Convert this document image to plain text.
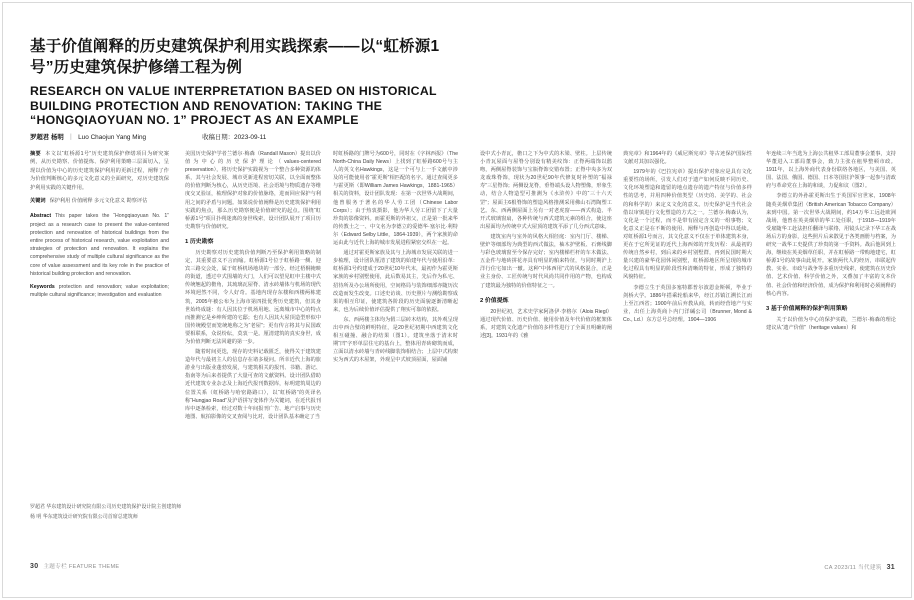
基于价值阐释的历史建筑保护利用实践探索——以“虹桥源1号”历史建筑保护修缮工程为例
RESEARCH ON VALUE INTERPRETATION BASED ON HISTORICAL BUILDING PROTECTION AND RENOVATION: TAKING THE “HONGQIAOYUAN NO. 1” PROJECT AS AN EXAMPLE
罗超君 杨明 ｜ Luo Chaojun Yang Ming	收稿日期：2023-09-11

摘要 本文以“虹桥源1号”历史建筑保护修缮项目为研究案例，从历史勘察、价值提炼、保护利用策略三层面切入，呈现以价值为中心的历史建筑保护利用的更新过程，阐释了作为价值判断核心的多元文化意义的全面研究，对历史建筑保护利用实践的关键作用。

关键词 保护利用 价值阐释 多元文化意义 勘察评估

Abstract This paper takes the “Hongqiaoyuan No. 1” project as a research case to present the value-centered protection and renovation of historical buildings from the entire process of historical research, value exploitation and strategies of protection and renovation. It explains the comprehensive study of multiple cultural significance as the core of value assessment and its key role in the practice of historical building protection and renovation.

Keywords protection and renovation; value exploitation; multiple cultural significance; investigation and evaluation

美国历史保护学者兰德尔·梅森（Randall Mason）提出以价值为中心的历史保护理论（values-centered preservation），将历史保护实践视为一个整合多种资源的体系，其与社会发展、城市更新进程密切关联，以全面而整体的价值判断为核心，从历史语境、社会语境与物质遗存等维度交叉验证，梳理保护对象的价值脉络，进而回应保护与利用之间的矛盾与问题。如果说价值阐释是历史建筑保护利用实践的焦点，那么历史勘察便是价值研究的起点。围绕“虹桥源1号”项目扑朔迷离的身世线索，设计团队展开了项目历史勘察与价值研究。

1 历史勘察

历史勘察对历史建筑价值判断乃至保护利用策略的制定，其重要意义不言而喻。虹桥源1号位于虹桥路一侧、迎宾三路交会处，属于虹桥机场地块的一部分。经过梧桐掩映的街道，透过中式围墙的大门，人们可以望见虹申主楼中式传统翘起的檐角，其琉璃瓦屋脊、清水砖墙体与机场的现代环境迥然不同，令人好奇。基地内现存东楼和西楼两栋建筑，2005年被公布为上海市第四批优秀历史建筑，但其身世始终成谜：有人因其位于机场用地、远离城市中心的特点而推测它是乡绅所建的宅邸；也有人因其大屋顶造型形似中国传统殿堂而笼统地称之为“老屋”；更有传言将其与民国政要相联系，众说纷纭，莫衷一是。厘清建筑的真实身世，成为价值判断无法回避的第一步。

随着时间更迭，现存的史料记载匮乏，使得关于建筑建造年代与最初主人的信息存在诸多疑问。所幸近代上海的旅游业与出版业蓬勃发展，与建筑相关的报刊、书籍、游记、指南等为后来者提供了大量可查的文献资料。设计团队借助近代建筑专业杂志及上海近代报刊数据库，标明建筑周边的位置关系（虹桥路与哈密路路口），以“虹桥路”的英译名称“Hungjao Road”及沪语拼写变体作为关键词，在近代报刊库中逐条检索，经过对数十年间报刊广告、地产启事与历史地图、航拍影像的交叉查阅与比对，设计团队基本确定了当

时虹桥路的门牌号为600号，同时在《字林西报》（The North-China Daily News）上找到了虹桥路600号与主人的英文名Hawkings，这是一个可与上一手文献中涉及的可能使用者“霍更斯”相匹配的名字。通过查阅更多与霍更斯（即William James Hawkings，1881-1965）相关的资料，设计团队发现：在第一次世界大战期间，他曾服务于著名的华人劳工团（Chinese Labor Corps）；由于热衷摄影，他为华人劳工团留下了大量珍贵的影像资料。而霍更斯的外祖父，正是第一批来华的传教士之一、中文名为李德立的爱德华·塞尔比·利特尔（Edward Selby Little，1864-1939），两个家族的命运由此与近代上海的城市发展进程紧密交织在一起。

通过对霍更斯家族及其与上海城市发展关联的进一步梳理，设计团队厘清了建筑的始建年代与使用沿革：虹桥源1号约建成于20世纪10年代末，最初作为霍更斯家族的乡村别墅使用，此后数易其主，先后作为私宅、招待所及办公场所使用，空间格局与装饰细部亦随历次改造而发生改变。口述史访谈、历史照片与测绘勘察成果的相互印证，使建筑各阶段的历史面貌逐渐清晰起来，也为后续价值评估提供了翔实可靠的依据。

东、西两楼主体均为假三层砖木结构，其外观呈现出中西合璧的鲜明特征，是20世纪初期中西建筑文化相互碰撞、融合的结果（图1）。建筑坐落于清末时期“凹”字形单层住宅的基台上，整体用青砖砌筑而成，立面以清水砖墙与青砖线脚装饰相结合；上层中式构架实为西式的木屋架，外观呈中式坡顶屋面，屋面铺

设中式小青瓦，檐口之下为中式的木梁、壁柱。上层传统小青瓦屋面与屋脊分别设有精美纹饰：正脊两端饰以鸱吻，两侧屋脊装饰与宝瓶脊饰交错布置；正脊中央多为双龙戏珠脊饰，现状为20世纪90年代修复时补塑的“福禄寿”三星脊饰；两侧设龙脊，垂脊端头设人物塑像，形象生动，结合人物造型可推测为《水浒传》中的“三十六天罡”；屋面主6根脊饰的塑造风格推测采用佛山石湾陶塑工艺。东、西两侧屋面上另有一对老虎窗——西式构造、半开式玻璃窗扇，各种传统与西式建筑元素的组合，使这座出屋面均为传统中式大屋顶的建筑平添了几分西式意味。

建筑室内与室外的风格大相径庭：室内门厅、楼梯、壁炉等细部均为典型的西式做法，柚木护壁板、石膏线脚与彩色玻璃窗至今保存完好；室内楼梯栏杆的车木做法、五金件与地砖拼花亦具有明显的舶来特征，与同时期沪上洋行住宅如出一辙。这种“中体西用”式的风格混合，正是业主身份、工匠传统与时代风尚共同作用的产物，也构成了建筑最为独特的价值特征之一。

2 价值提炼

20世纪初，艺术史学家阿洛伊·李格尔（Alois Riegl）通过现代价值、历史价值、使用价值及年代价值的框架体系，对建筑文化遗产价值的多样性进行了全面且明确的阐述[3]。1931年的《雅

典宪章》和1964年的《威尼斯宪章》等古迹保护国际性文献对其加以强化。

1979年的《巴拉宪章》提出保护对象应是具有文化重要性的场所，引发人们对于遗产如何反映不同历史、文化环境塑造和遗留的地点遗存的遗产特征与价值多样性的思考，并用四种价值类型（历史的、美学的、社会的和科学的）来定义文化的意义。历史保护是当代社会借以审慎进行文化塑造的方式之一。兰德尔·梅森认为，文化是一个过程，而不是带有固定含义的一组事物；文化意义正是在不断的使用、阐释与再创造中得以延续。对虹桥源1号而言，其文化意义不仅在于单体建筑本身，更在于它所见证的近代上海西郊的开发历程：从最初的传统自然乡村，到后来的乡村别墅群，再到民国时期大量兴建的豪华花园休闲别墅，虹桥源地区所呈现的城市化过程具有明显的阶段性和清晰的特征，形成了独特的风貌特征。

李德立生于英国多塞特郡普尔波恩金斯顿，毕业于剑桥大学。1886年搭乘轮船来华，经江苏镇江溯长江而上至江西省；1900年前后弃教从商，转而经营地产与实业，出任上海英商卜内门洋碱公司（Brunner, Mond & Co., Ld.）东方总号总经理。1904—1906

年连续三年当选为上海公共租界工部局董事会董事，支持华董进入工部局董事会，致力主张在租界整顿市政。1911年，以上海外商代表身份联络各地区，与美国、英国、法国、俄国、德国、日本等国驻沪领事一起参与清政府与革命党在上海的和谈，力促和议（图2）。

李德立的外孙霍更斯出生于英国军官世家，1908年随英美烟草集团（British American Tobacco Company）来到中国。第一次世界大战期间，约14万华工远赴欧洲战场，他曾在英美烟草的华工处任职，于1918—1919年受雇随华工赴法担任翻译与联络，用镜头记录下华工在战场后方的身影，这些照片后来散见于各类画册与档案，为研究一战华工史提供了珍贵的第一手资料。战后他回到上海，继续在英美烟草任职，并在虹桥路一带购地建宅，虹桥源1号的故事由此展开。家族两代人的经历，串联起传教、实业、市政与战争等多重历史线索，使建筑在历史价值、艺术价值、科学价值之外，又叠加了丰富的文本价值、社会价值和经济价值，成为保护和利用时必须阐释的核心内容。

3 基于价值阐释的保护利用策略

关于以价值为中心的保护实践，兰德尔·梅森的理论建议从“遗产价值”（heritage values）和

罗超君 华东建筑设计研究院有限公司历史建筑保护设计院主创建筑师

杨 明 华东建筑设计研究院有限公司首席总建筑师

30 主题专栏 FEATURE THEME	CA 2023/11 当代建筑 31
